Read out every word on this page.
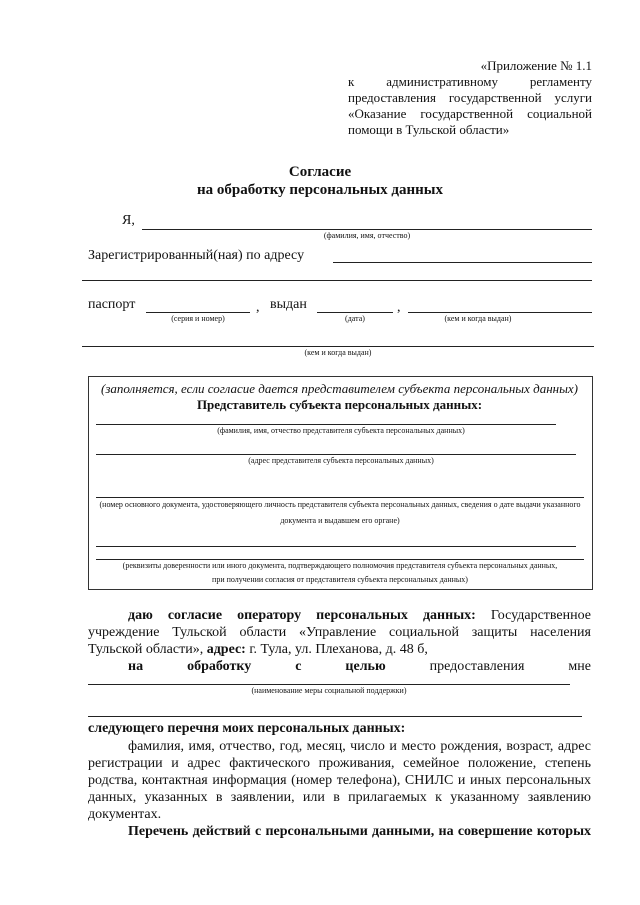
«Приложение № 1.1
к административному регламенту
предоставления государственной услуги
«Оказание государственной социальной
помощи в Тульской области»
Согласие
на обработку персональных данных
Я,
(фамилия, имя, отчество)
Зарегистрированный(ная) по адресу
паспорт
(серия и номер)
, выдан
(дата)
,
(кем и когда выдан)
(кем и когда выдан)
(заполняется, если согласие дается представителем субъекта персональных данных)
Представитель субъекта персональных данных:
(фамилия, имя, отчество представителя субъекта персональных данных)
(адрес представителя субъекта персональных данных)
(номер основного документа, удостоверяющего личность представителя субъекта персональных данных, сведения о дате выдачи указанного
документа и выдавшем его органе)
(реквизиты доверенности или иного документа, подтверждающего полномочия представителя субъекта персональных данных,
при получении согласия от представителя субъекта персональных данных)
даю согласие оператору персональных данных: Государственное
учреждение Тульской области «Управление социальной защиты населения
Тульской области», адрес: г. Тула, ул. Плеханова, д. 48 б,
на	обработку	с	целью	предоставления	мне
(наименование меры социальной поддержки)
следующего перечня моих персональных данных:
фамилия, имя, отчество, год, месяц, число и место рождения, возраст, адрес
регистрации и адрес фактического проживания, семейное положение, степень
родства, контактная информация (номер телефона), СНИЛС и иных персональных
данных, указанных в заявлении, или в прилагаемых к указанному заявлению
документах.
Перечень действий с персональными данными, на совершение которых
